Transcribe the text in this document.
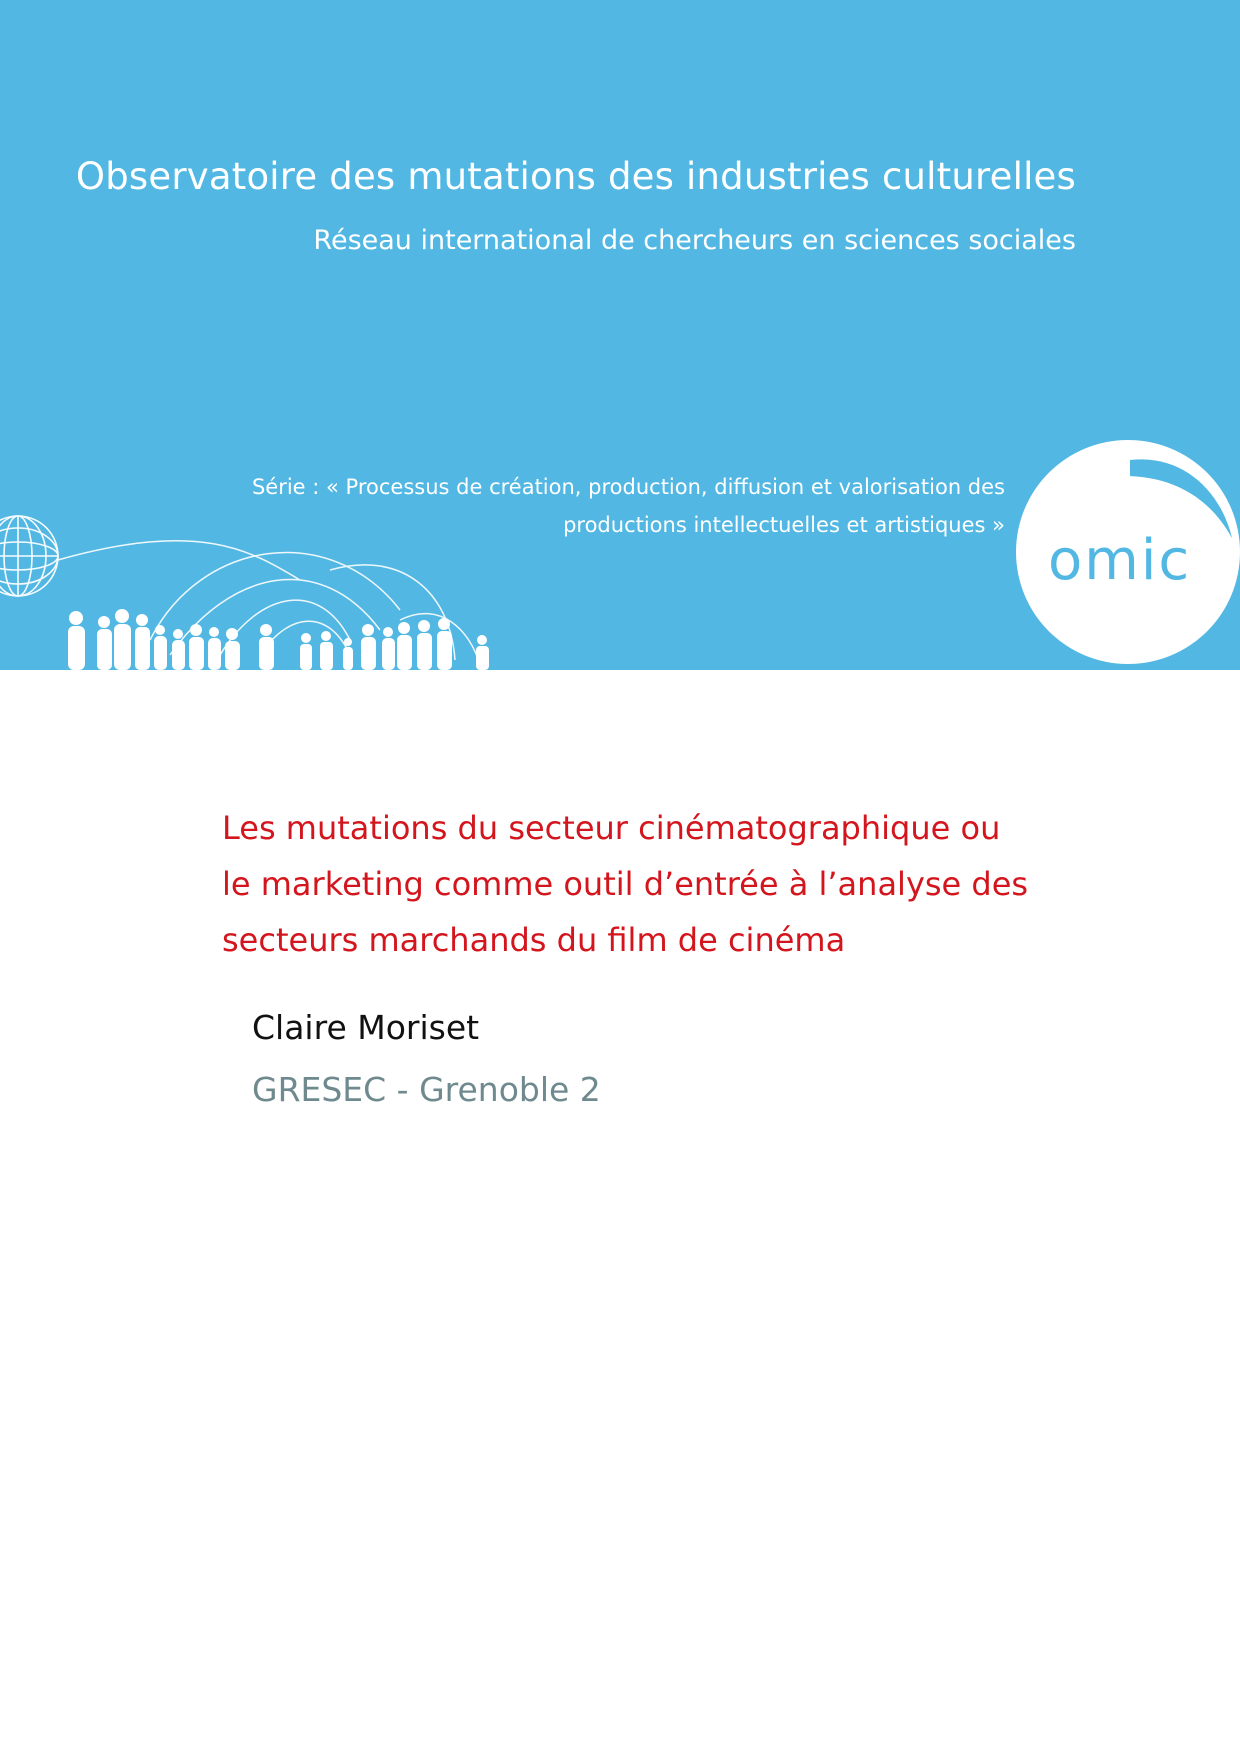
Observatoire des mutations des industries culturelles
Réseau international de chercheurs en sciences sociales
Série : « Processus de création, production, diffusion et valorisation des
productions intellectuelles et artistiques »
omic
Les mutations du secteur cinématographique ou
le marketing comme outil d’entrée à l’analyse des
secteurs marchands du film de cinéma
Claire Moriset
GRESEC - Grenoble 2
